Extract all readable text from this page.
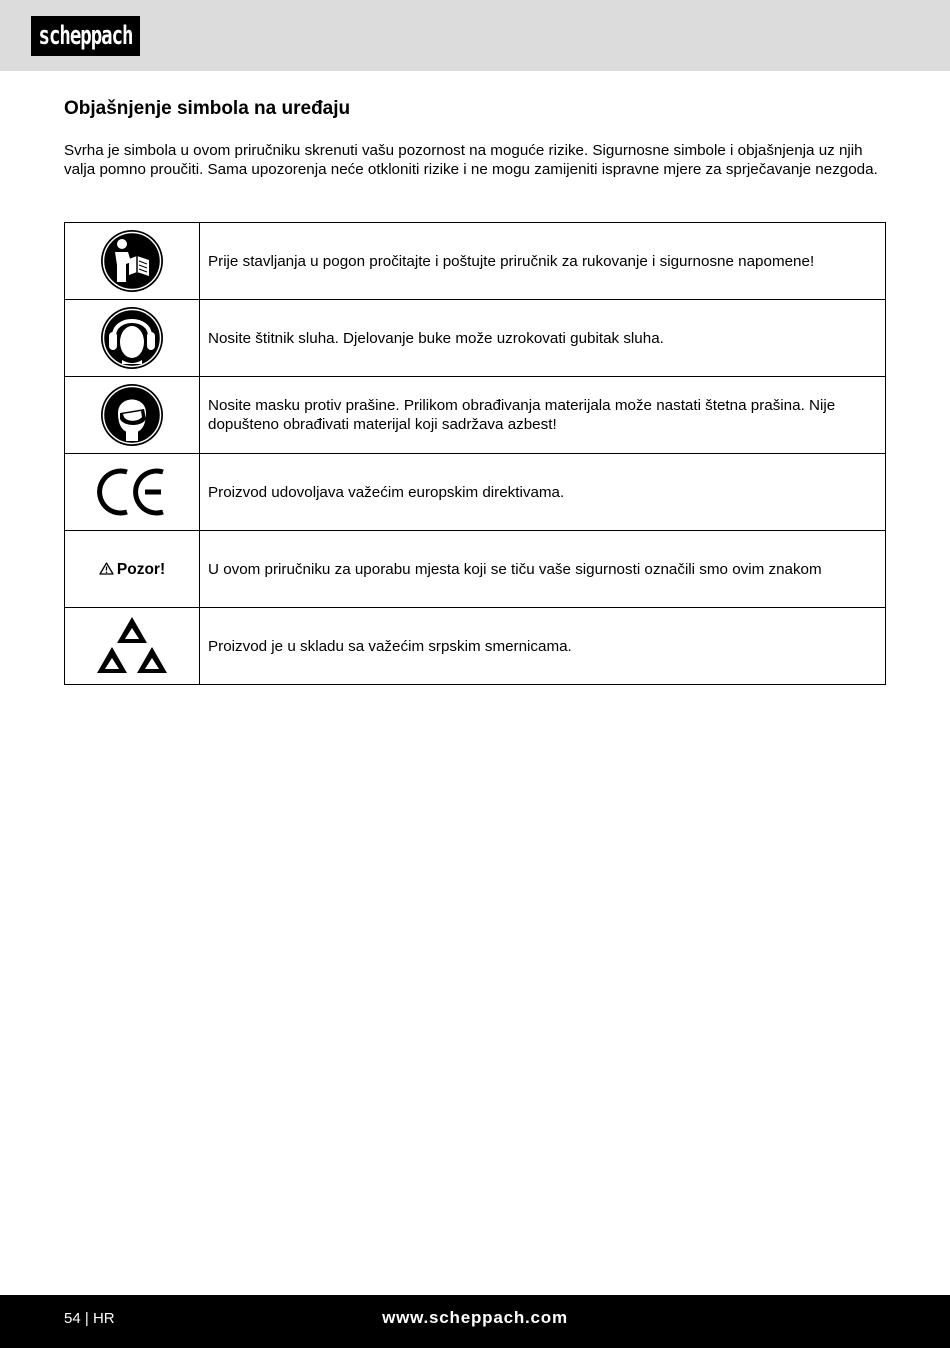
scheppach
Objašnjenje simbola na uređaju

Svrha je simbola u ovom priručniku skrenuti vašu pozornost na moguće rizike. Sigurnosne simbole i objašnjenja uz njih valja pomno proučiti. Sama upozorenja neće otkloniti rizike i ne mogu zamijeniti ispravne mjere za sprječavanje nezgoda.

	Prije stavljanja u pogon pročitajte i poštujte priručnik za rukovanje i sigurnosne napomene!

	Nosite štitnik sluha. Djelovanje buke može uzrokovati gubitak sluha.

	Nosite masku protiv prašine. Prilikom obrađivanja materijala može nastati štetna prašina. Nije dopušteno obrađivati materijal koji sadržava azbest!

	Proizvod udovoljava važećim europskim direktivama.
Pozor!	U ovom priručniku za uporabu mjesta koji se tiču vaše sigurnosti označili smo ovim znakom

	Proizvod je u skladu sa važećim srpskim smernicama.
54 | HR	www.scheppach.com
